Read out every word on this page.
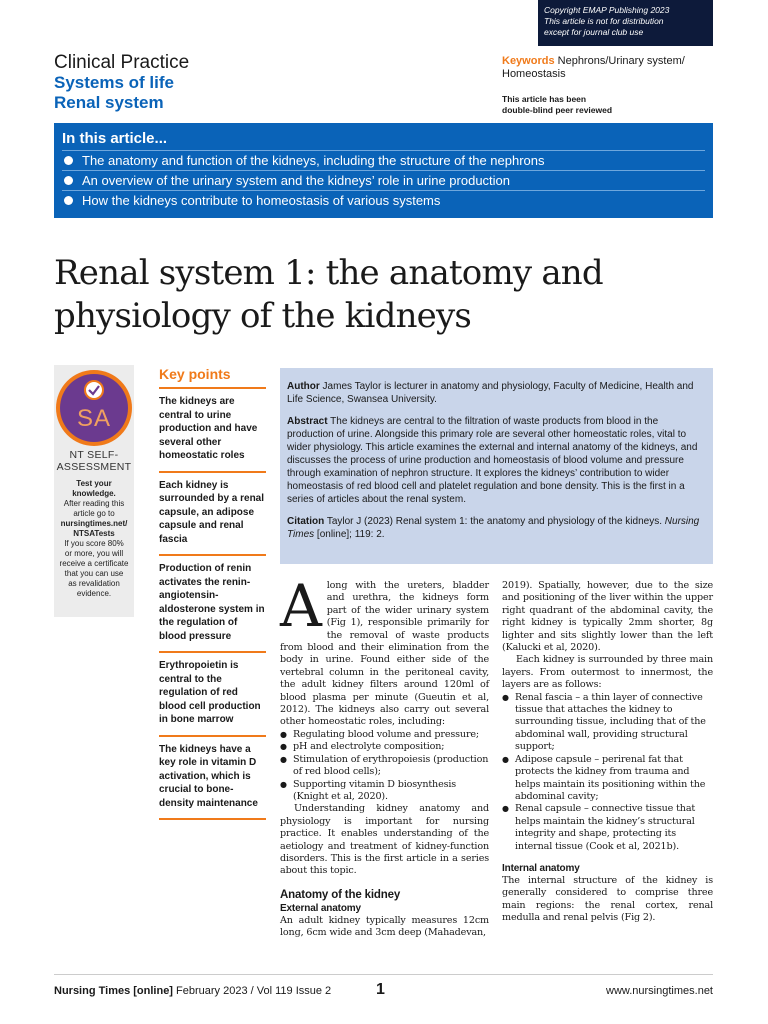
Copyright EMAP Publishing 2023
This article is not for distribution
except for journal club use
Clinical Practice
Systems of life
Renal system
Keywords Nephrons/Urinary system/ Homeostasis
This article has been
double-blind peer reviewed
In this article...
The anatomy and function of the kidneys, including the structure of the nephrons
An overview of the urinary system and the kidneys’ role in urine production
How the kidneys contribute to homeostasis of various systems
Renal system 1: the anatomy and
physiology of the kidneys
SA
NT SELF-
ASSESSMENT
Test your
knowledge.
After reading this
article go to
nursingtimes.net/
NTSATests
If you score 80%
or more, you will
receive a certificate
that you can use
as revalidation
evidence.
Key points
The kidneys are central to urine production and have several other homeostatic roles
Each kidney is surrounded by a renal capsule, an adipose capsule and renal fascia
Production of renin activates the renin-angiotensin-aldosterone system in the regulation of blood pressure
Erythropoietin is central to the regulation of red blood cell production in bone marrow
The kidneys have a key role in vitamin D activation, which is crucial to bone-density maintenance

Author James Taylor is lecturer in anatomy and physiology, Faculty of Medicine, Health and Life Science, Swansea University.

Abstract The kidneys are central to the filtration of waste products from blood in the production of urine. Alongside this primary role are several other homeostatic roles, vital to wider physiology. This article examines the external and internal anatomy of the kidneys, and discusses the process of urine production and homeostasis of blood volume and pressure through examination of nephron structure. It explores the kidneys’ contribution to wider homeostasis of red blood cell and platelet regulation and bone density. This is the first in a series of articles about the renal system.

Citation Taylor J (2023) Renal system 1: the anatomy and physiology of the kidneys. Nursing Times [online]; 119: 2.

Along with the ureters, bladder and urethra, the kidneys form part of the wider urinary system (Fig 1), responsible primarily for the removal of waste products from blood and their elimination from the body in urine. Found either side of the vertebral column in the peritoneal cavity, the adult kidney filters around 120ml of blood plasma per minute (Gueutin et al, 2012). The kidneys also carry out several other homeostatic roles, including:

● Regulating blood volume and pressure;
● pH and electrolyte composition;
● Stimulation of erythropoiesis (production of red blood cells);
● Supporting vitamin D biosynthesis (Knight et al, 2020).

Understanding kidney anatomy and physiology is important for nursing practice. It enables understanding of the aetiology and treatment of kidney-function disorders. This is the first article in a series about this topic.

Anatomy of the kidney
External anatomy

An adult kidney typically measures 12cm long, 6cm wide and 3cm deep (Mahadevan,

2019). Spatially, however, due to the size and positioning of the liver within the upper right quadrant of the abdominal cavity, the right kidney is typically 2mm shorter, 8g lighter and sits slightly lower than the left (Kalucki et al, 2020).

Each kidney is surrounded by three main layers. From outermost to innermost, the layers are as follows:

● Renal fascia – a thin layer of connective tissue that attaches the kidney to surrounding tissue, including that of the abdominal wall, providing structural support;
● Adipose capsule – perirenal fat that protects the kidney from trauma and helps maintain its positioning within the abdominal cavity;
● Renal capsule – connective tissue that helps maintain the kidney’s structural integrity and shape, protecting its internal tissue (Cook et al, 2021b).
Internal anatomy

The internal structure of the kidney is generally considered to comprise three main regions: the renal cortex, renal medulla and renal pelvis (Fig 2).

Nursing Times [online] February 2023 / Vol 119 Issue 2	1	www.nursingtimes.net
